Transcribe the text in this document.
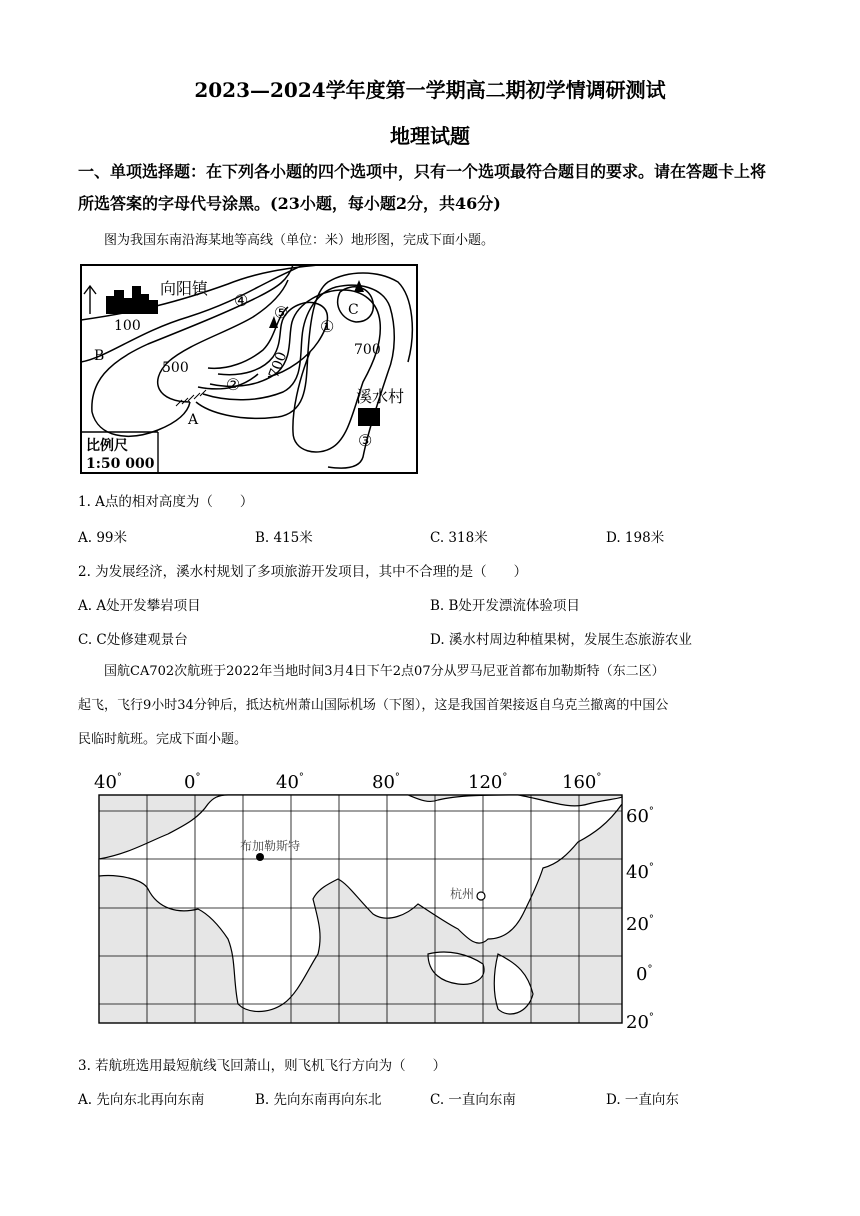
2023—2024学年度第一学期高二期初学情调研测试
地理试题
一、单项选择题：在下列各小题的四个选项中，只有一个选项最符合题目的要求。请在答题卡上将所选答案的字母代号涂黑。(23小题，每小题2分，共46分)
图为我国东南沿海某地等高线（单位：米）地形图，完成下面小题。
向阳镇
100
500	700	700
溪水村
A
B
C
①
②
③
④
⑤
比例尺
1:50 000
1. A点的相对高度为（　　）
A. 99米	B. 415米	C. 318米	D. 198米
2. 为发展经济，溪水村规划了多项旅游开发项目，其中不合理的是（　　）
A. A处开发攀岩项目	B. B处开发漂流体验项目
C. C处修建观景台	D. 溪水村周边种植果树，发展生态旅游农业
国航CA702次航班于2022年当地时间3月4日下午2点07分从罗马尼亚首都布加勒斯特（东二区）
起飞，飞行9小时34分钟后，抵达杭州萧山国际机场（下图），这是我国首架接返自乌克兰撤离的中国公
民临时航班。完成下面小题。
40°	0°	40°	80°	120°	160°
60°
40°
20°
0°
20°
布加勒斯特
杭州
3. 若航班选用最短航线飞回萧山，则飞机飞行方向为（　　）
A. 先向东北再向东南	B. 先向东南再向东北	C. 一直向东南	D. 一直向东
